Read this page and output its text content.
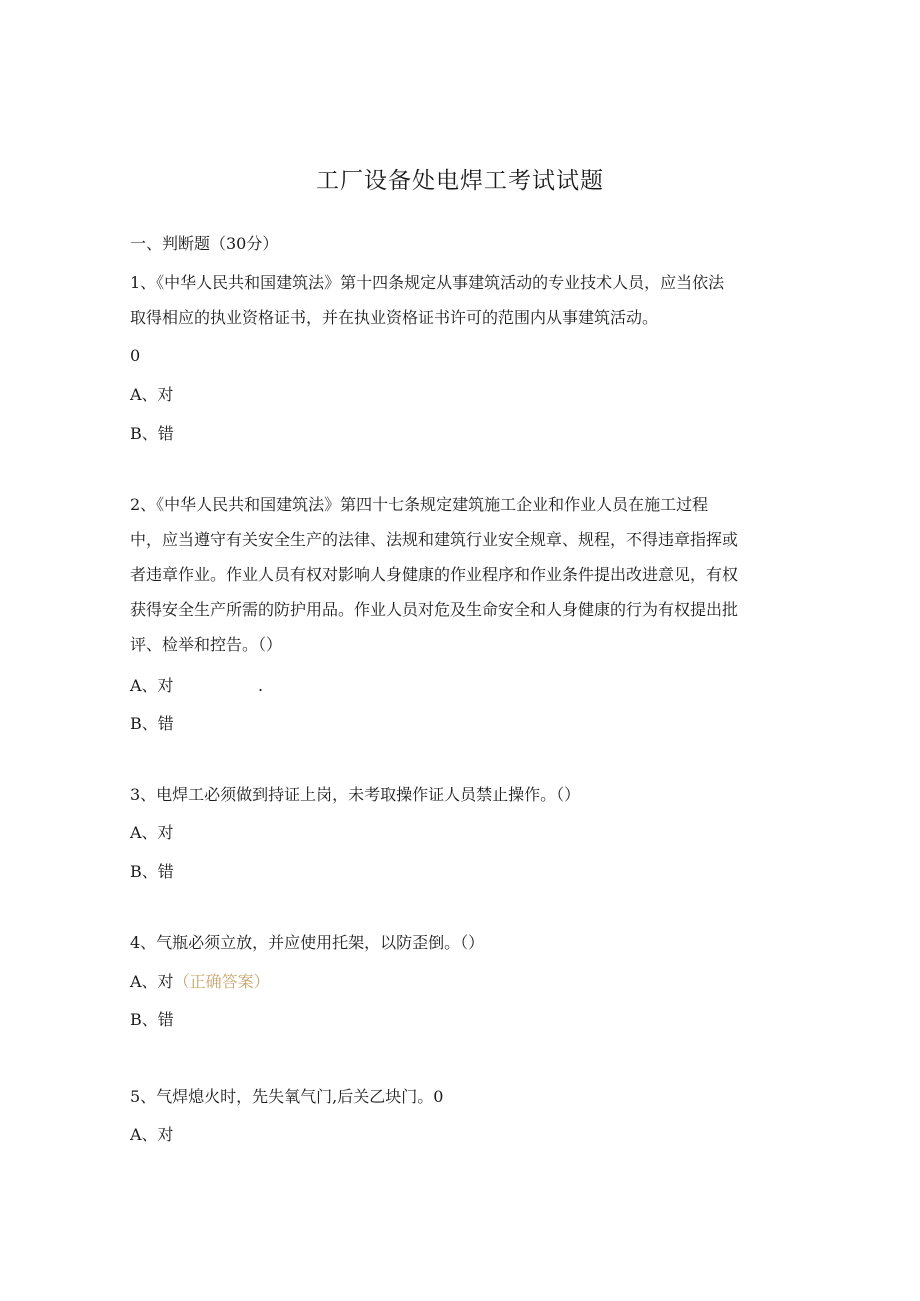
工厂设备处电焊工考试试题
一、判断题（30分）
1、《中华人民共和国建筑法》第十四条规定从事建筑活动的专业技术人员，应当依法
取得相应的执业资格证书，并在执业资格证书许可的范围内从事建筑活动。
0
A、对
B、错
2、《中华人民共和国建筑法》第四十七条规定建筑施工企业和作业人员在施工过程
中，应当遵守有关安全生产的法律、法规和建筑行业安全规章、规程，不得违章指挥或
者违章作业。作业人员有权对影响人身健康的作业程序和作业条件提出改进意见，有权
获得安全生产所需的防护用品。作业人员对危及生命安全和人身健康的行为有权提出批
评、检举和控告。（）
A、对	.
B、错
3、电焊工必须做到持证上岗，未考取操作证人员禁止操作。（）
A、对
B、错
4、气瓶必须立放，并应使用托架，以防歪倒。（）
A、对（正确答案）
B、错
5、气焊熄火时，先失氧气门,后关乙块门。0
A、对
